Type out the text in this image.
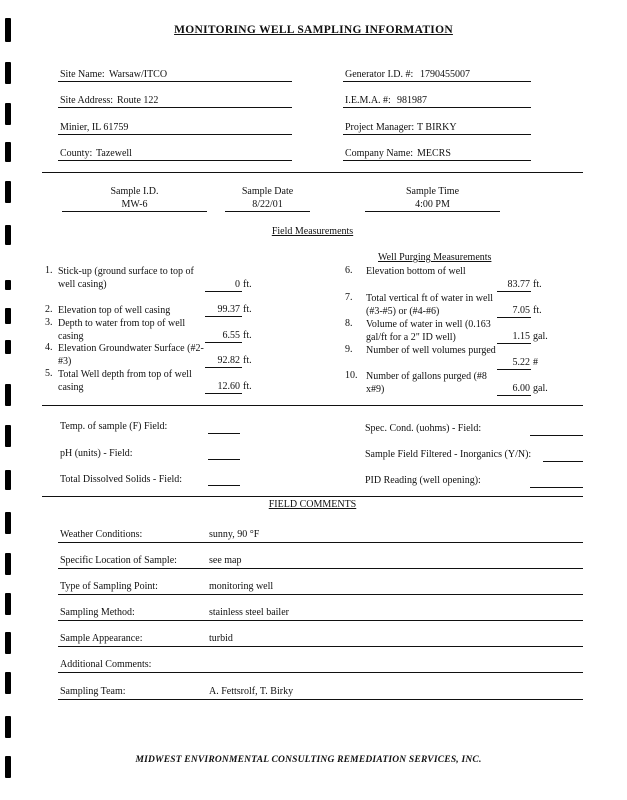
MONITORING WELL SAMPLING INFORMATION
Site Name: Warsaw/ITCO
Site Address: Route 122
Minier, IL 61759
County: Tazewell
Generator I.D. #: 1790455007
I.E.M.A. #: 981987
Project Manager: T BIRKY
Company Name: MECRS
Sample I.D.
MW-6
Sample Date
8/22/01
Sample Time
4:00 PM
Field Measurements
Well Purging Measurements
1. Stick-up (ground surface to top of well casing)	0 ft.
2. Elevation top of well casing	99.37 ft.
3. Depth to water from top of well casing	6.55 ft.
4. Elevation Groundwater Surface (#2-#3)	92.82 ft.
5. Total Well depth from top of well casing	12.60 ft.
6. Elevation bottom of well
83.77 ft.
7. Total vertical ft of water in well (#3-#5) or (#4-#6)	7.05 ft.
8. Volume of water in well (0.163 gal/ft for a 2" ID well)	1.15 gal.
9. Number of well volumes purged
5.22 #
10. Number of gallons purged (#8 x#9)	6.00 gal.
Temp. of sample (F) Field:
pH (units) - Field:
Total Dissolved Solids - Field:
Spec. Cond. (uohms) - Field:
Sample Field Filtered - Inorganics (Y/N):
PID Reading (well opening):
FIELD COMMENTS
Weather Conditions:	sunny, 90 °F
Specific Location of Sample:	see map
Type of Sampling Point:	monitoring well
Sampling Method:	stainless steel bailer
Sample Appearance:	turbid
Additional Comments:
Sampling Team:	A. Fettsrolf, T. Birky
MIDWEST ENVIRONMENTAL CONSULTING REMEDIATION SERVICES, INC.
